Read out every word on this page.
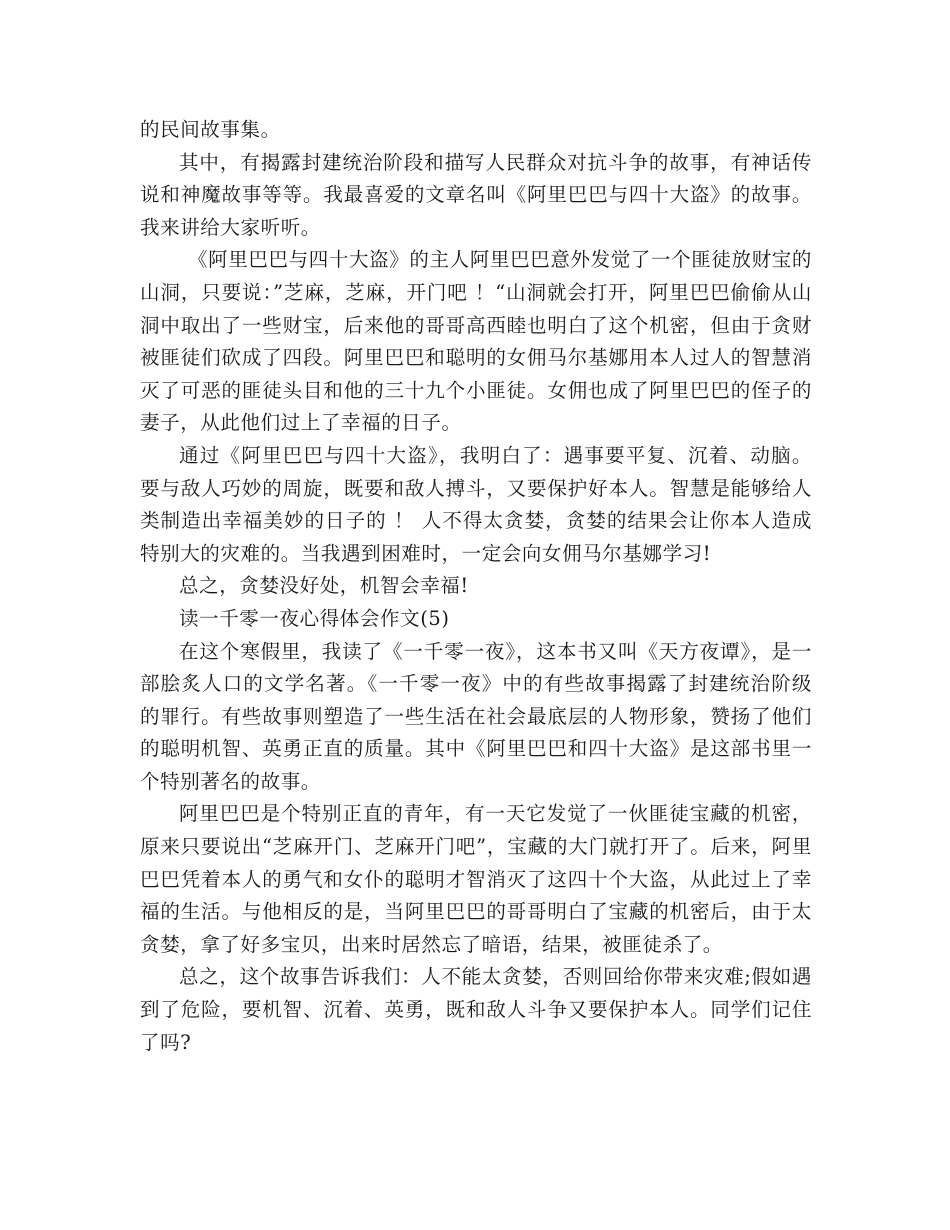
的民间故事集。

其中，有揭露封建统治阶段和描写人民群众对抗斗争的故事，有神话传说和神魔故事等等。我最喜爱的文章名叫《阿里巴巴与四十大盗》的故事。我来讲给大家听听。

《阿里巴巴与四十大盗》的主人阿里巴巴意外发觉了一个匪徒放财宝的山洞，只要说：”芝麻，芝麻，开门吧 ！“山洞就会打开，阿里巴巴偷偷从山洞中取出了一些财宝，后来他的哥哥高西睦也明白了这个机密，但由于贪财被匪徒们砍成了四段。阿里巴巴和聪明的女佣马尔基娜用本人过人的智慧消灭了可恶的匪徒头目和他的三十九个小匪徒。女佣也成了阿里巴巴的侄子的妻子，从此他们过上了幸福的日子。

通过《阿里巴巴与四十大盗》，我明白了：遇事要平复、沉着、动脑。要与敌人巧妙的周旋，既要和敌人搏斗，又要保护好本人。智慧是能够给人类制造出幸福美妙的日子的 ！ 人不得太贪婪，贪婪的结果会让你本人造成特别大的灾难的。当我遇到困难时，一定会向女佣马尔基娜学习!

总之，贪婪没好处，机智会幸福!

读一千零一夜心得体会作文(5)

在这个寒假里，我读了《一千零一夜》，这本书又叫《天方夜谭》，是一部脍炙人口的文学名著。《一千零一夜》中的有些故事揭露了封建统治阶级的罪行。有些故事则塑造了一些生活在社会最底层的人物形象，赞扬了他们的聪明机智、英勇正直的质量。其中《阿里巴巴和四十大盗》是这部书里一个特别著名的故事。

阿里巴巴是个特别正直的青年，有一天它发觉了一伙匪徒宝藏的机密，原来只要说出“芝麻开门、芝麻开门吧”，宝藏的大门就打开了。后来，阿里巴巴凭着本人的勇气和女仆的聪明才智消灭了这四十个大盗，从此过上了幸福的生活。与他相反的是，当阿里巴巴的哥哥明白了宝藏的机密后，由于太贪婪，拿了好多宝贝，出来时居然忘了暗语，结果，被匪徒杀了。

总之，这个故事告诉我们：人不能太贪婪，否则回给你带来灾难;假如遇到了危险，要机智、沉着、英勇，既和敌人斗争又要保护本人。同学们记住了吗?
